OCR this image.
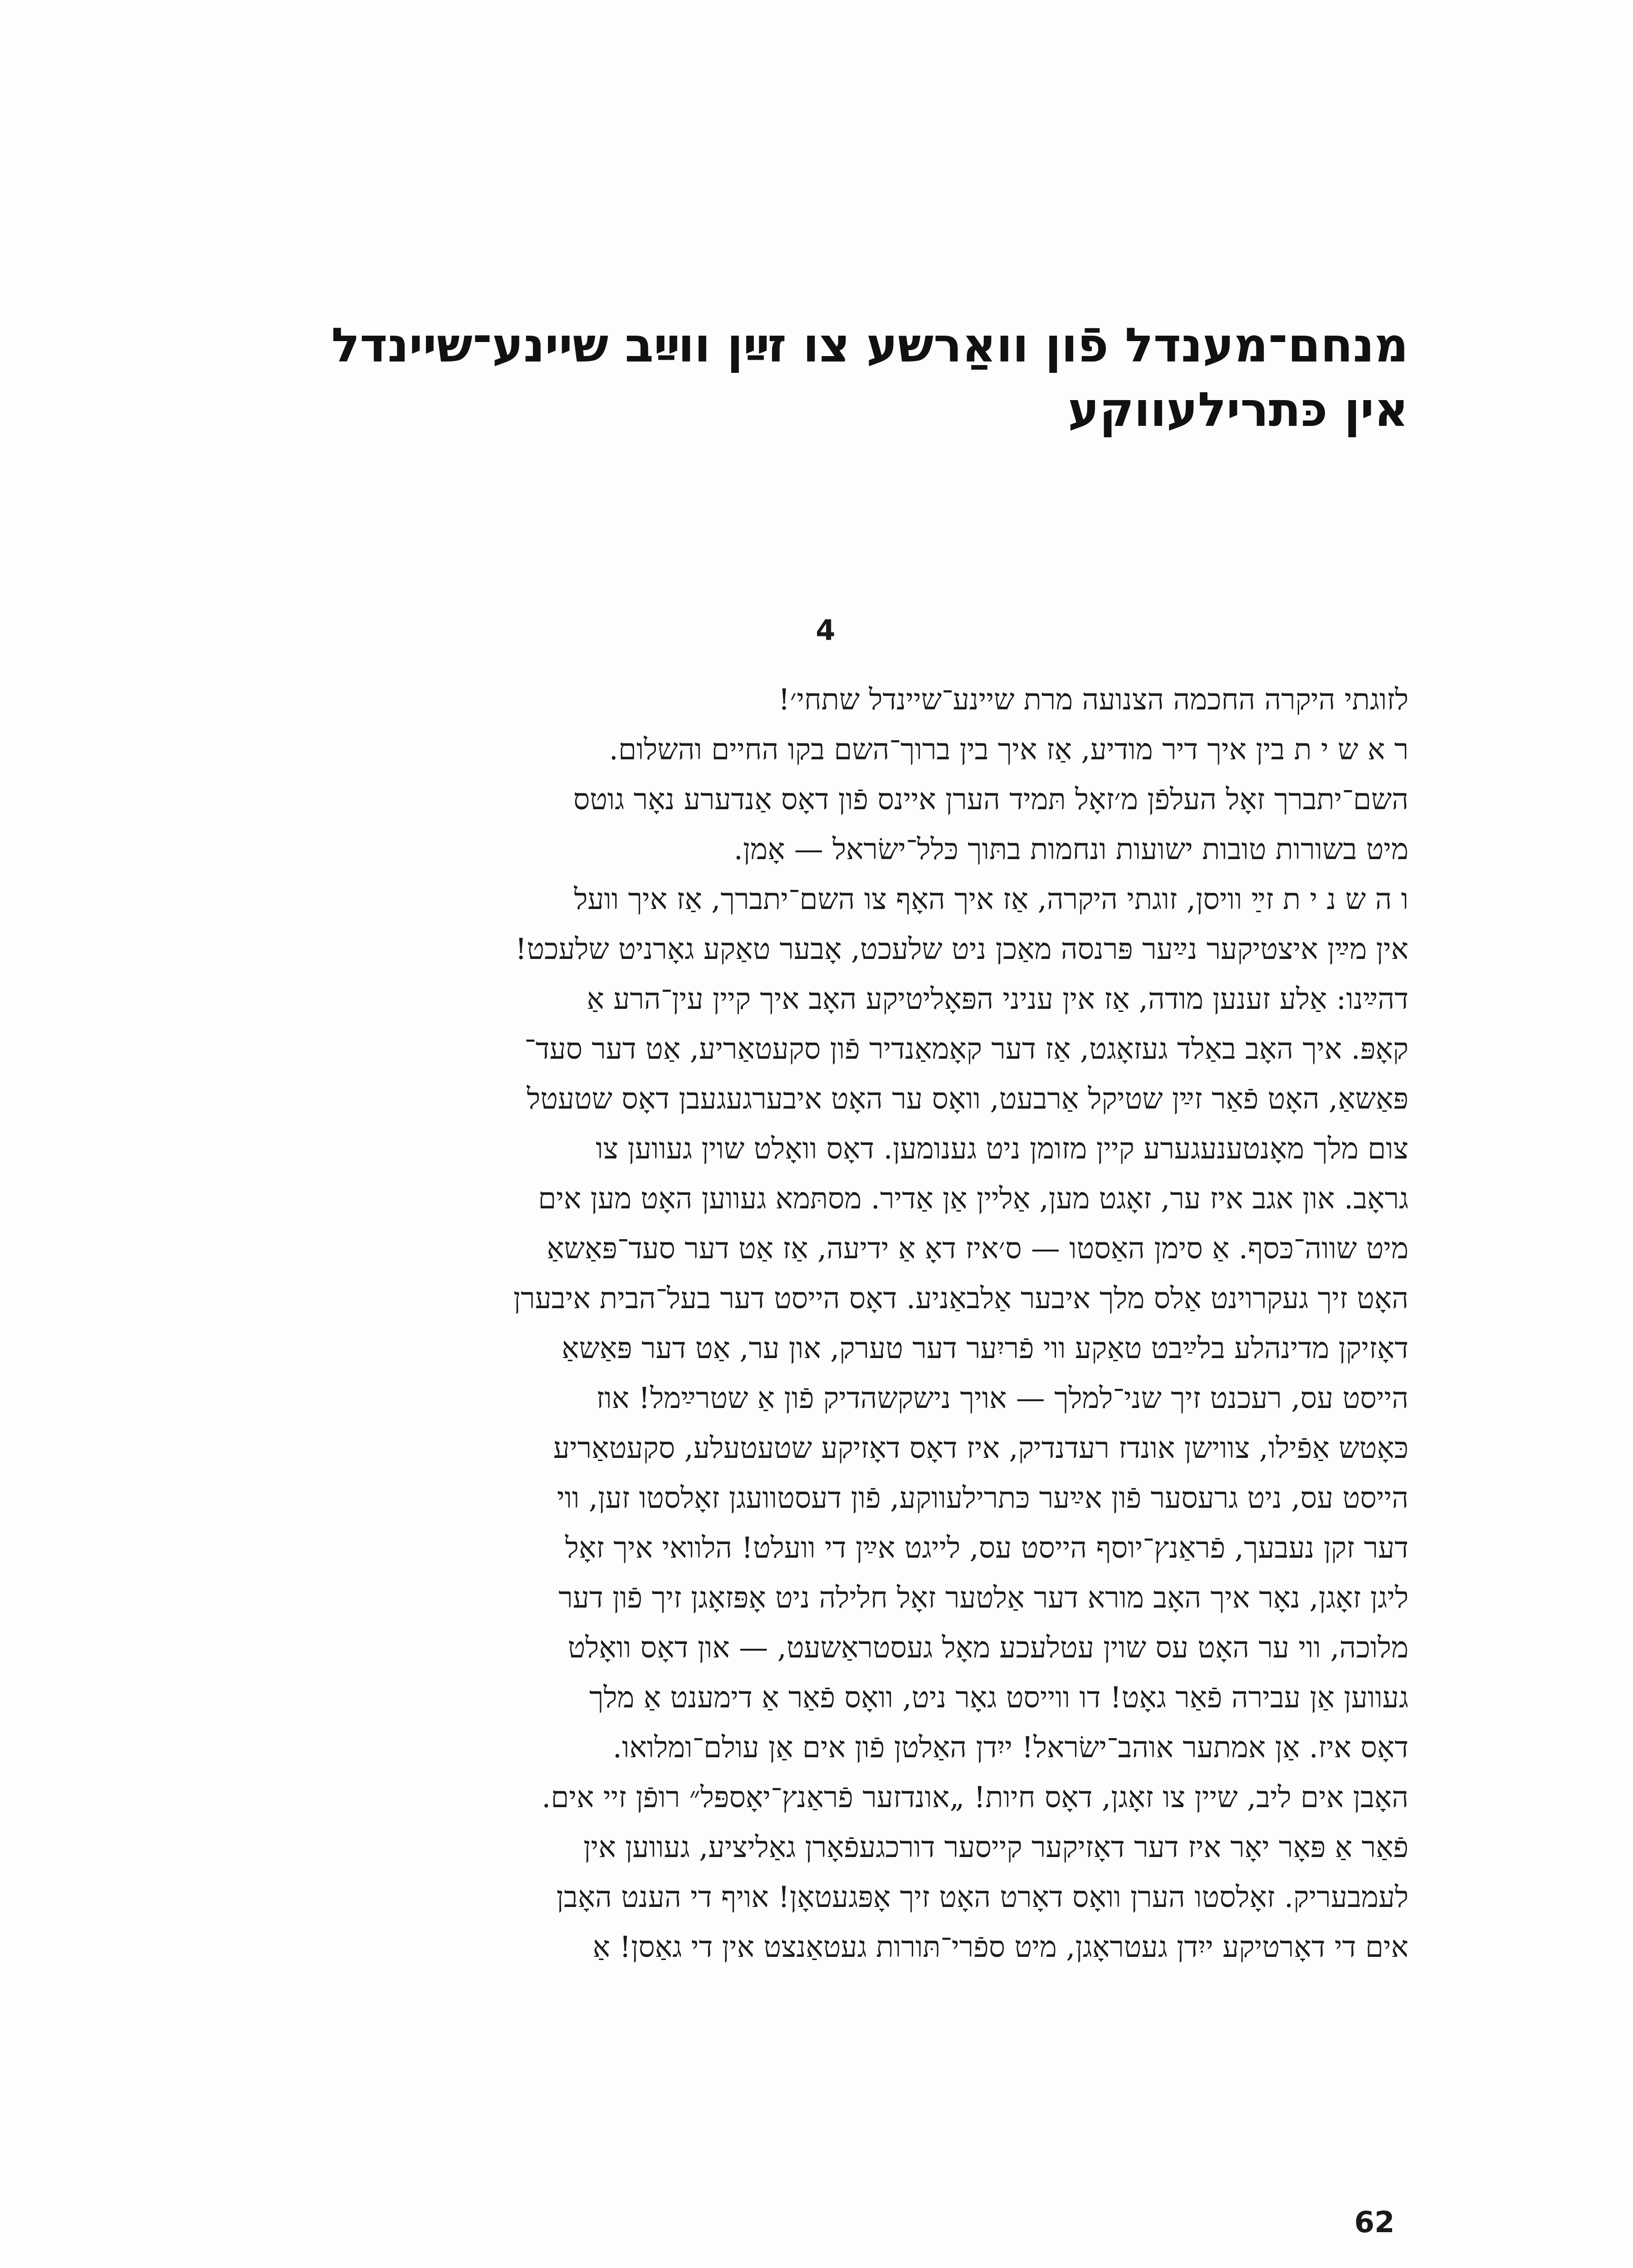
מנחם־מענדל פֿון וואַרשע צו זײַן ווײַב שיינע־שיינדל
אין כּתרילעווקע
4
לזוגתי היקרה החכמה הצנועה מרת שיינע־שיינדל שתחי׳!
ר א ש י ת בין איך דיר מודיע, אַז איך בין ברוך־השם בקו החיים והשלום.
השם־יתברך זאָל העלפֿן מ׳זאָל תּמיד הערן איינס פֿון דאָס אַנדערע נאָר גוטס
מיט בשורות טובות ישועות ונחמות בתּוך כּלל־ישׂראל — אָמן.
ו ה ש נ י ת זײַ וויסן, זוגתי היקרה, אַז איך האָף צו השם־יתברך, אַז איך וועל
אין מײַן איצטיקער נײַער פּרנסה מאַכן ניט שלעכט, אָבער טאַקע גאָרניט שלעכט!
דהײַנו: אַלע זענען מודה, אַז אין עניני הפּאָליטיקע האָב איך קיין עין־הרע אַ
קאָפּ. איך האָב באַלד געזאָגט, אַז דער קאָמאַנדיר פֿון סקעטאַריע, אַט דער סעד־
פּאַשאַ, האָט פֿאַר זײַן שטיקל אַרבעט, וואָס ער האָט איבערגעגעבן דאָס שטעטל
צום מלך מאָנטענעגערע קיין מזומן ניט גענומען. דאָס וואָלט שוין געווען צו
גראָב. און אגב איז ער, זאָגט מען, אַליין אַן אַדיר. מסתּמא געווען האָט מען אים
מיט שווה־כּסף. אַ סימן האַסטו — ס׳איז דאָ אַ ידיעה, אַז אַט דער סעד־פּאַשאַ
האָט זיך געקרוינט אַלס מלך איבער אַלבאַניע. דאָס הייסט דער בעל־הבית איבערן
דאָזיקן מדינהלע בלײַבט טאַקע ווי פֿריִער דער טערק, און ער, אַט דער פּאַשאַ
הייסט עס, רעכנט זיך שני־למלך — אויך נישקשהדיק פֿון אַ שטרײַמל! אוז
כּאָטש אַפֿילו, צווישן אונדז רעדנדיק, איז דאָס דאָזיקע שטעטעלע, סקעטאַריע
הייסט עס, ניט גרעסער פֿון אײַער כּתרילעווקע, פֿון דעסטוועגן זאָלסטו זען, ווי
דער זקן נעבעך, פֿראַנץ־יוסף הייסט עס, לייגט אײַן די וועלט! הלוואי איך זאָל
ליגן זאָגן, נאָר איך האָב מורא דער אַלטער זאָל חלילה ניט אָפּזאָגן זיך פֿון דער
מלוכה, ווי ער האָט עס שוין עטלעכע מאָל געסטראַשעט, — און דאָס וואָלט
געווען אַן עבירה פֿאַר גאָט! דו ווייסט גאָר ניט, וואָס פֿאַר אַ דימענט אַ מלך
דאָס איז. אַן אמתער אוהב־ישׂראל! ייִדן האַלטן פֿון אים אַן עולם־ומלואו.
האָבן אים ליב, שיין צו זאָגן, דאָס חיות! „אונדזער פֿראַנץ־יאָספּל״ רופֿן זיי אים.
פֿאַר אַ פּאָר יאָר איז דער דאָזיקער קייסער דורכגעפֿאָרן גאַליציע, געווען אין
לעמבעריק. זאָלסטו הערן וואָס דאָרט האָט זיך אָפּגעטאָן! אויף די הענט האָבן
אים די דאָרטיקע ייִדן געטראָגן, מיט ספֿרי־תּורות געטאַנצט אין די גאַסן! אַ
62
